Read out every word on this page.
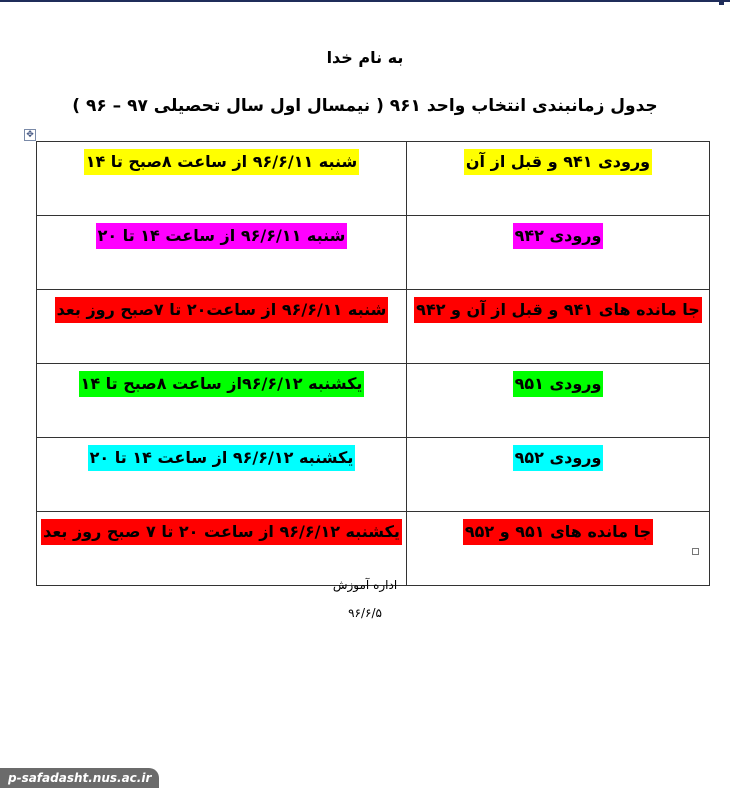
به نام خدا
جدول زمانبندی انتخاب واحد ۹۶۱ ( نیمسال اول سال تحصیلی ۹۷ – ۹۶ )
✥
شنبه ۹۶/۶/۱۱ از ساعت ۸صبح تا ۱۴	ورودی ۹۴۱ و قبل از آن
شنبه ۹۶/۶/۱۱ از ساعت ۱۴ تا ۲۰	ورودی ۹۴۲
شنبه ۹۶/۶/۱۱ از ساعت۲۰ تا ۷صبح روز بعد	جا مانده های ۹۴۱ و قبل از آن و ۹۴۲
یکشنبه ۹۶/۶/۱۲از ساعت ۸صبح تا ۱۴	ورودی ۹۵۱
یکشنبه ۹۶/۶/۱۲ از ساعت ۱۴ تا ۲۰	ورودی ۹۵۲
یکشنبه ۹۶/۶/۱۲ از ساعت ۲۰ تا ۷ صبح روز بعد	جا مانده های ۹۵۱ و ۹۵۲
اداره آموزش
۹۶/۶/۵
p-safadasht.nus.ac.ir
